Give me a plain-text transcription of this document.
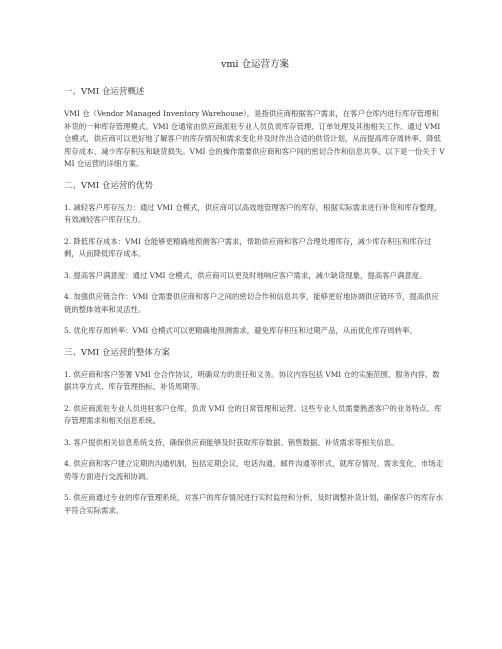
vmi 仓运营方案
一、VMI 仓运营概述
VMI 仓（Vendor Managed Inventory Warehouse），是指供应商根据客户需求，在客户仓库内进行库存管理和补货的一种库存管理模式。VMI 仓通常由供应商派驻专业人员负责库存管理、订单处理及其他相关工作。通过 VMI 仓模式，供应商可以更好地了解客户的库存情况和需求变化并及时作出合适的供货计划，从而提高库存周转率、降低库存成本、减少库存积压和缺货损失。VMI 仓的操作需要供应商和客户间的密切合作和信息共享。以下是一份关于 VMI 仓运营的详细方案。
二、VMI 仓运营的优势
1. 减轻客户库存压力：通过 VMI 仓模式，供应商可以高效地管理客户的库存，根据实际需求进行补货和库存整理，有效减轻客户库存压力。
2. 降低库存成本：VMI 仓能够更精确地预测客户需求，帮助供应商和客户合理处理库存，减少库存积压和库存过剩，从而降低库存成本。
3. 提高客户满意度：通过 VMI 仓模式，供应商可以更及时地响应客户需求，减少缺货现象，提高客户满意度。
4. 加强供应链合作：VMI 仓需要供应商和客户之间的密切合作和信息共享，能够更好地协调供应链环节，提高供应链的整体效率和灵活性。
5. 优化库存周转率：VMI 仓模式可以更精确地预测需求，避免库存积压和过期产品，从而优化库存周转率。
三、VMI 仓运营的整体方案
1. 供应商和客户签署 VMI 仓合作协议，明确双方的责任和义务。协议内容包括 VMI 仓的实施范围、服务内容、数据共享方式、库存管理指标、补货周期等。
2. 供应商派驻专业人员进驻客户仓库，负责 VMI 仓的日常管理和运营。这些专业人员需要熟悉客户的业务特点、库存管理需求和相关信息系统。
3. 客户提供相关信息系统支持，确保供应商能够及时获取库存数据、销售数据、补货需求等相关信息。
4. 供应商和客户建立定期的沟通机制，包括定期会议、电话沟通、邮件沟通等形式，就库存情况、需求变化、市场走势等方面进行交流和协调。
5. 供应商通过专业的库存管理系统，对客户的库存情况进行实时监控和分析，及时调整补货计划，确保客户的库存水平符合实际需求。
